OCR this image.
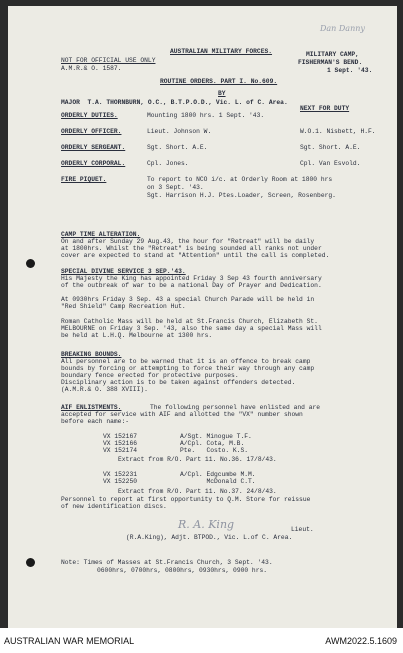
Dan Danny
NOT FOR OFFICIAL USE ONLY
A.M.R.& O. 1587.
AUSTRALIAN MILITARY FORCES.	MILITARY CAMP,
FISHERMAN'S BEND.
1 Sept. '43.
ROUTINE ORDERS. PART I. No.609.
BY
MAJOR  T.A. THORNBURN, O.C., B.T.P.O.D., Vic. L. of C. Area.
NEXT FOR DUTY
ORDERLY DUTIES.	Mounting 1800 hrs. 1 Sept. '43.
ORDERLY OFFICER.	Lieut. Johnson W.	W.O.1. Nisbett, H.F.
ORDERLY SERGEANT.	Sgt. Short. A.E.	Sgt. Short. A.E.
ORDERLY CORPORAL.	Cpl. Jones.	Cpl. Van Esvold.
FIRE PIQUET.	To report to NCO i/c. at Orderly Room at 1800 hrs
on 3 Sept. '43.
Sgt. Harrison H.J. Ptes.Loader, Screen, Rosenberg.
CAMP TIME ALTERATION.
On and after Sunday 29 Aug.43, the hour for "Retreat" will be daily
at 1800hrs. Whilst the "Retreat" is being sounded all ranks not under
cover are expected to stand at "Attention" until the call is completed.
SPECIAL DIVINE SERVICE 3 SEP.'43.
His Majesty the King has appointed Friday 3 Sep 43 fourth anniversary
of the outbreak of war to be a national Day of Prayer and Dedication.
At 0930hrs Friday 3 Sep. 43 a special Church Parade will be held in
"Red Shield" Camp Recreation Hut.
Roman Catholic Mass will be held at St.Francis Church, Elizabeth St.
MELBOURNE on Friday 3 Sep. '43, also the same day a special Mass will
be held at L.H.Q. Melbourne at 1300 hrs.
BREAKING BOUNDS.
All personnel are to be warned that it is an offence to break camp
bounds by forcing or attempting to force their way through any camp
boundary fence erected for protective purposes.
Disciplinary action is to be taken against offenders detected.
(A.M.R.& O. 388 XVIII).
AIF ENLISTMENTS.	The following personnel have enlisted and are
accepted for service with AIF and allotted the "VX" number shown
before each name:-
VX 152167	A/Sgt. Minogue T.F.
VX 152166	A/Cpl. Cota, M.B.
VX 152174	Pte.   Costo. K.S.
Extract from R/O. Part 11. No.36. 17/8/43.
VX 152231	A/Cpl. Edgcumbe M.M.
VX 152250	McDonald C.T.
Extract from R/O. Part 11. No.37. 24/8/43.
Personnel to report at first opportunity to Q.M. Store for reissue
of new identification discs.
R. A. King	Lieut.
(R.A.King), Adjt. BTPOD., Vic. L.of C. Area.
Note: Times of Masses at St.Francis Church, 3 Sept. '43.
0600hrs, 0700hrs, 0800hrs, 0930hrs, 0900 hrs.
AUSTRALIAN WAR MEMORIAL	AWM2022.5.1609
